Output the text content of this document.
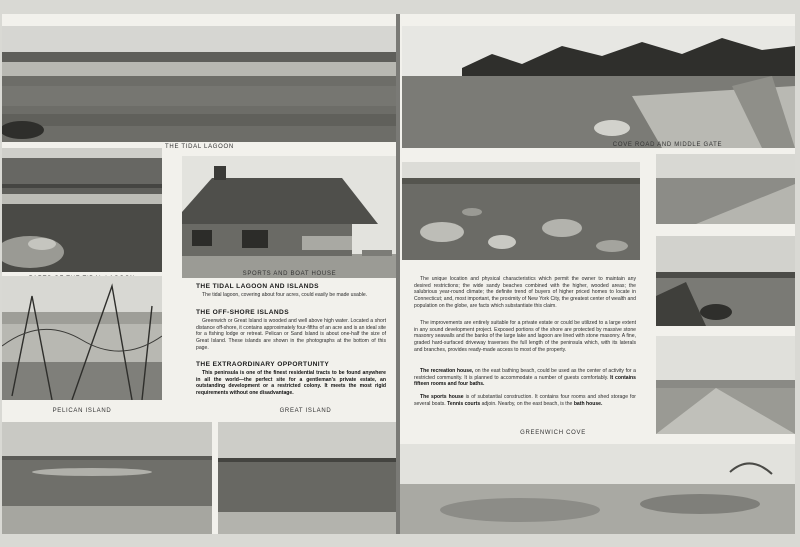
THE TIDAL LAGOON
SPORTS AND BOAT HOUSE
PELICAN ISLAND
THE TIDAL LAGOON AND ISLANDS

The tidal lagoon, covering about four acres, could easily be made usable.

THE OFF-SHORE ISLANDS

Greenwich or Great Island is wooded and well above high water. Located a short distance off-shore, it contains approximately four-fifths of an acre and is an ideal site for a fishing lodge or retreat. Pelican or Sand Island is about one-half the size of Great Island. These islands are shown in the photographs at the bottom of this page.

THE EXTRAORDINARY OPPORTUNITY

This peninsula is one of the finest residential tracts to be found anywhere in all the world—the perfect site for a gentleman's private estate, an outstanding development or a restricted colony. It meets the most rigid requirements without one disadvantage.

GREAT ISLAND
COVE ROAD AND MIDDLE GATE
GREENWICH COVE

The unique location and physical characteristics which permit the owner to maintain any desired restrictions; the wide sandy beaches combined with the higher, wooded areas; the salubrious year-round climate; the definite trend of buyers of higher priced homes to locate in Connecticut; and, most important, the proximity of New York City, the greatest center of wealth and population on the globe, are facts which substantiate this claim.

The improvements are entirely suitable for a private estate or could be utilized to a large extent in any sound development project. Exposed portions of the shore are protected by massive stone masonry seawalls and the banks of the large lake and lagoon are lined with stone masonry. A fine, graded hard-surfaced driveway traverses the full length of the peninsula which, with its laterals and branches, provides ready-made access to most of the property.

The recreation house, on the east bathing beach, could be used as the center of activity for a restricted community. It is planned to accommodate a number of guests comfortably. It contains fifteen rooms and four baths.

The sports house is of substantial construction. It contains four rooms and shed storage for several boats. Tennis courts adjoin. Nearby, on the east beach, is the bath house.
